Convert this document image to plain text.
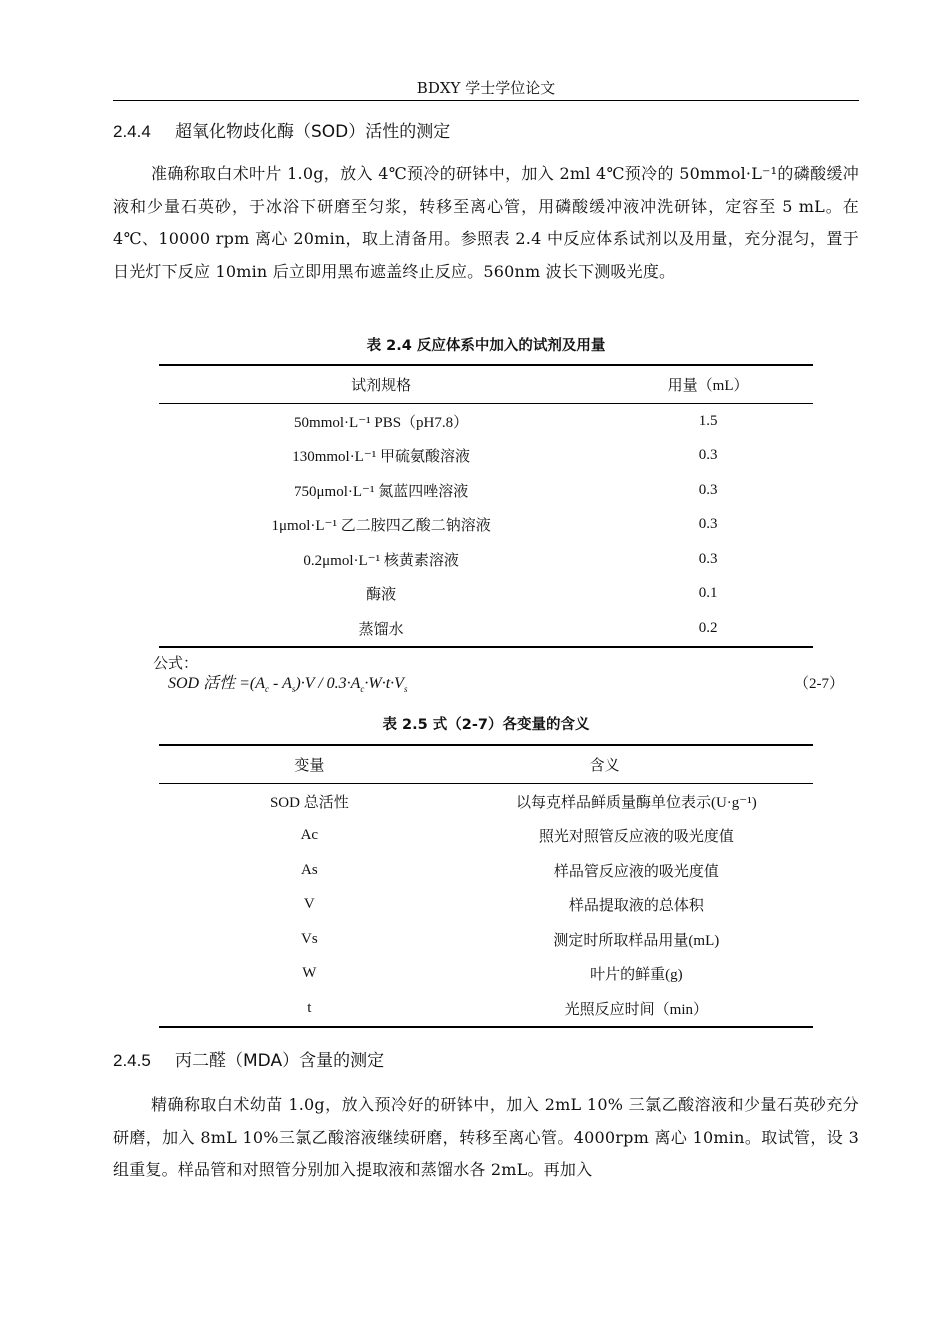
BDXY 学士学位论文
2.4.4 超氧化物歧化酶（SOD）活性的测定

准确称取白术叶片 1.0g，放入 4℃预冷的研钵中，加入 2ml 4℃预冷的 50mmol·L⁻¹的磷酸缓冲液和少量石英砂，于冰浴下研磨至匀浆，转移至离心管，用磷酸缓冲液冲洗研钵，定容至 5 mL。在 4℃、10000 rpm 离心 20min，取上清备用。参照表 2.4 中反应体系试剂以及用量，充分混匀，置于日光灯下反应 10min 后立即用黑布遮盖终止反应。560nm 波长下测吸光度。

表 2.4 反应体系中加入的试剂及用量
试剂规格	用量（mL）
50mmol·L⁻¹ PBS（pH7.8）	1.5
130mmol·L⁻¹ 甲硫氨酸溶液	0.3
750μmol·L⁻¹ 氮蓝四唑溶液	0.3
1μmol·L⁻¹ 乙二胺四乙酸二钠溶液	0.3
0.2μmol·L⁻¹ 核黄素溶液	0.3
酶液	0.1
蒸馏水	0.2
公式：
SOD 活性 $=(A_c - A_s)\cdot V / 0.3\cdot A_c\cdot W\cdot t\cdot V_s$	（2-7）
表 2.5 式（2-7）各变量的含义
变量	含义
SOD 总活性	以每克样品鲜质量酶单位表示(U·g⁻¹)
Ac	照光对照管反应液的吸光度值
As	样品管反应液的吸光度值
V	样品提取液的总体积
Vs	测定时所取样品用量(mL)
W	叶片的鲜重(g)
t	光照反应时间（min）
2.4.5 丙二醛（MDA）含量的测定

精确称取白术幼苗 1.0g，放入预冷好的研钵中，加入 2mL 10% 三氯乙酸溶液和少量石英砂充分研磨，加入 8mL 10%三氯乙酸溶液继续研磨，转移至离心管。4000rpm 离心 10min。取试管，设 3 组重复。样品管和对照管分别加入提取液和蒸馏水各 2mL。再加入
